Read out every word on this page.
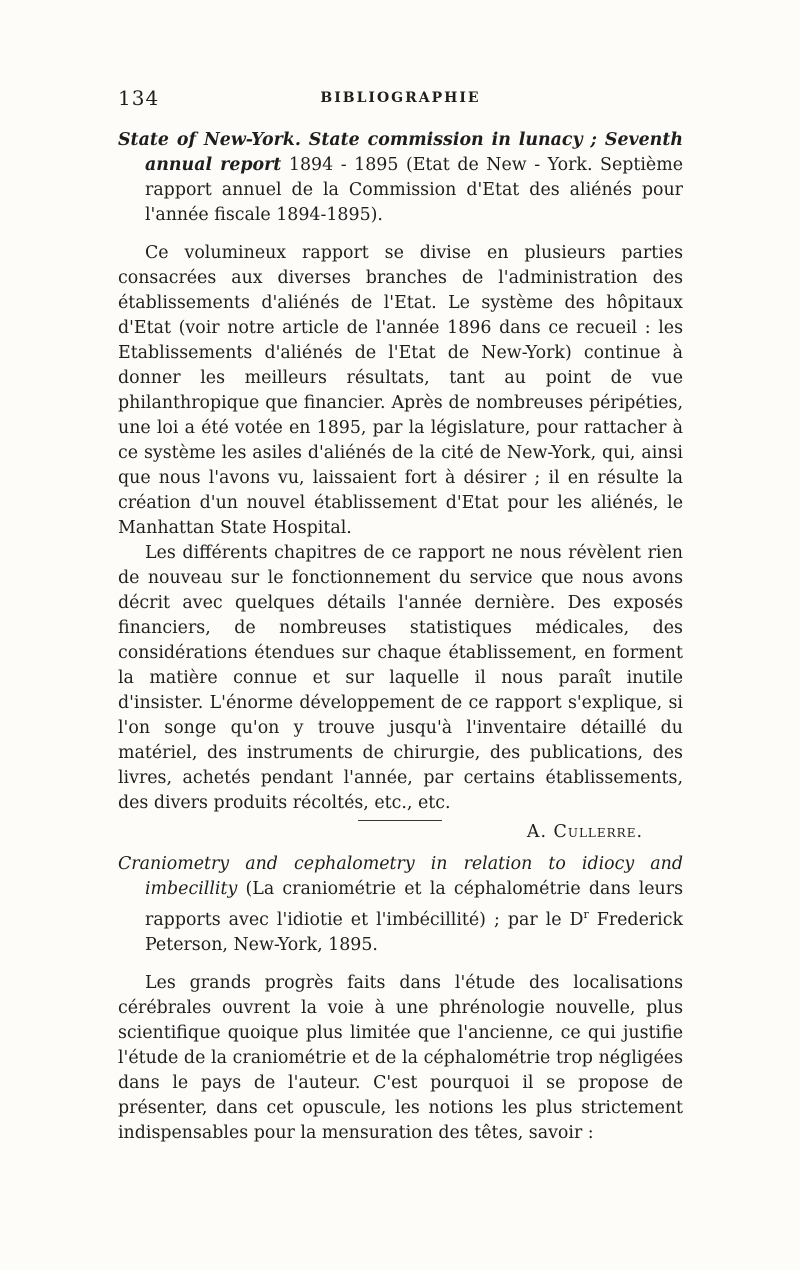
134	BIBLIOGRAPHIE

State of New-York. State commission in lunacy ; Seventh annual report 1894 - 1895 (Etat de New - York. Septième rapport annuel de la Commission d'Etat des aliénés pour l'année fiscale 1894-1895).

Ce volumineux rapport se divise en plusieurs parties consacrées aux diverses branches de l'administration des établissements d'aliénés de l'Etat. Le système des hôpitaux d'Etat (voir notre article de l'année 1896 dans ce recueil : les Etablissements d'aliénés de l'Etat de New-York) continue à donner les meilleurs résultats, tant au point de vue philanthropique que financier. Après de nombreuses péripéties, une loi a été votée en 1895, par la législature, pour rattacher à ce système les asiles d'aliénés de la cité de New-York, qui, ainsi que nous l'avons vu, laissaient fort à désirer ; il en résulte la création d'un nouvel établissement d'Etat pour les aliénés, le Manhattan State Hospital.

Les différents chapitres de ce rapport ne nous révèlent rien de nouveau sur le fonctionnement du service que nous avons décrit avec quelques détails l'année dernière. Des exposés financiers, de nombreuses statistiques médicales, des considérations étendues sur chaque établissement, en forment la matière connue et sur laquelle il nous paraît inutile d'insister. L'énorme développement de ce rapport s'explique, si l'on songe qu'on y trouve jusqu'à l'inventaire détaillé du matériel, des instruments de chirurgie, des publications, des livres, achetés pendant l'année, par certains établissements, des divers produits récoltés, etc., etc.

A. Cullerre.

Craniometry and cephalometry in relation to idiocy and imbecillity (La craniométrie et la céphalométrie dans leurs rapports avec l'idiotie et l'imbécillité) ; par le $D^r$ Frederick Peterson, New-York, 1895.

Les grands progrès faits dans l'étude des localisations cérébrales ouvrent la voie à une phrénologie nouvelle, plus scientifique quoique plus limitée que l'ancienne, ce qui justifie l'étude de la craniométrie et de la céphalométrie trop négligées dans le pays de l'auteur. C'est pourquoi il se propose de présenter, dans cet opuscule, les notions les plus strictement indispensables pour la mensuration des têtes, savoir :
